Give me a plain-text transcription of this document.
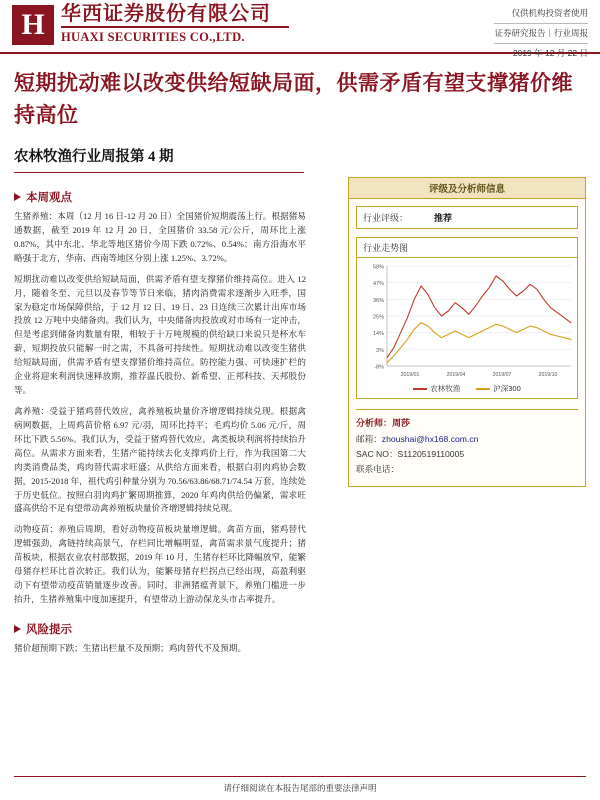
H 华西证券股份有限公司
HUAXI SECURITIES CO.,LTD.
仅供机构投资者使用
证券研究报告｜行业周报
2019 年 12 月 22 日
短期扰动难以改变供给短缺局面，供需矛盾有望支撑猪价维持高位
农林牧渔行业周报第 4 期
本周观点

生猪养殖：本周（12 月 16 日-12 月 20 日）全国猪价短期震荡上行。根据猪易通数据，截至 2019 年 12 月 20 日，全国猪价 33.58 元/公斤，周环比上涨 0.87%，其中东北、华北等地区猪价今周下跌 0.72%、0.54%；南方沿海水平略强于北方，华南、西南等地区分别上涨 1.25%、3.72%。

短期扰动难以改变供给短缺局面，供需矛盾有望支撑猪价维持高位。进入 12 月，随着冬至、元旦以及春节等节日来临，猪肉消费需求逐渐步入旺季，国家为稳定市场保障供给，于 12 月 12 日、19 日、23 日连续三次累计出库市场投放 12 万吨中央储备肉。我们认为，中央储备肉投放或对市场有一定冲击，但是考虑到储备肉数量有限，相较于十万吨规模的供给缺口来说只是杯水车薪，短期投放只能解一时之需，不具备可持续性。短期扰动难以改变生猪供给短缺局面，供需矛盾有望支撑猪价维持高位。防控能力强、可快速扩栏的企业将迎来利润快速释放期，推荐温氏股份、新希望、正邦科技、天邦股份等。

禽养殖：受益于猪鸡替代效应，禽养殖板块量价齐增逻辑持续兑现。根据禽病网数据，上周鸡苗价格 6.97 元/羽，周环比持平；毛鸡均价 5.06 元/斤，周环比下跌 5.56%。我们认为，受益于猪鸡替代效应，禽类板块利润将持续抬升高位。从需求方面来看，生猪产能持续去化支撑鸡价上行，作为我国第二大肉类消费品类，鸡肉替代需求旺盛；从供给方面来看，根据白羽肉鸡协会数据，2015-2018 年，祖代鸡引种量分别为 70.56/63.86/68.71/74.54 万套，连续处于历史低位。按照白羽肉鸡扩繁周期推算，2020 年鸡肉供给仍偏紧，需求旺盛高供给不足有望带动禽养殖板块量价齐增逻辑持续兑现。

动物疫苗：养殖后周期，看好动物疫苗板块量增逻辑。禽苗方面，猪鸡替代逻辑强劲，禽链持续高景气，存栏同比增幅明显，禽苗需求景气度提升；猪苗板块，根据农业农村部数据，2019 年 10 月，生猪存栏环比降幅放窄，能繁母猪存栏环比首次转正。我们认为，能繁母猪存栏拐点已经出现，高盈利驱动下有望带动疫苗销量逐步改善。同时，非洲猪瘟背景下，养殖门槛进一步抬升，生猪养殖集中度加速提升，有望带动上游动保龙头市占率提升。

风险提示
猪价超预期下跌；生猪出栏量不及预期；鸡肉替代不及预期。
评级及分析师信息
行业评级：	推荐
行业走势图
58%
47%
36%
25%
14%
3%
-8%
2019/01	2019/04	2019/07	2019/10
农林牧渔	沪深300
分析师：周莎
邮箱：zhoushai@hx168.com.cn
SAC NO：S1120519110005
联系电话：
请仔细阅读在本报告尾部的重要法律声明
